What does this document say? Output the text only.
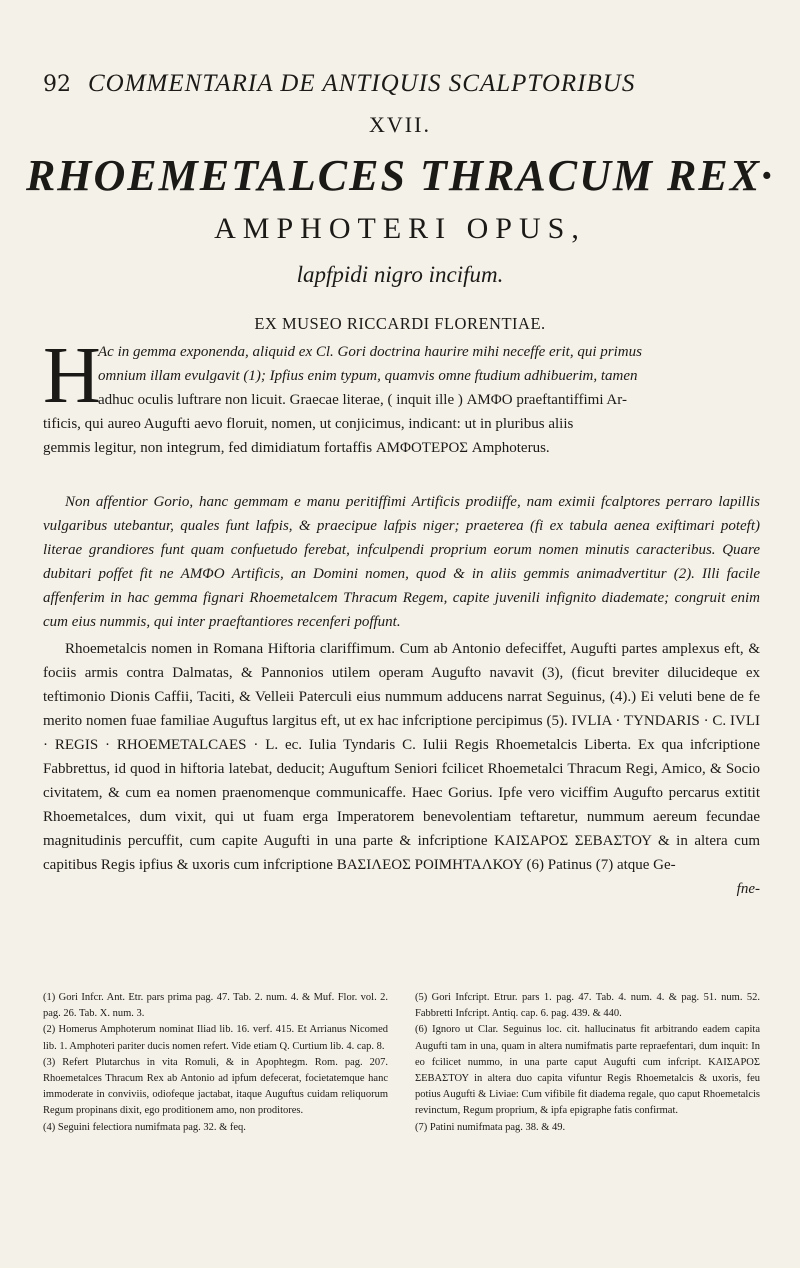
92 COMMENTARIA DE ANTIQUIS SCALPTORIBUS
XVII.
RHOEMETALCES THRACUM REX·
AMPHOTERI OPUS,
lapfpidi nigro incifum.
EX MUSEO RICCARDI FLORENTIAE.
H
Ac in gemma exponenda, aliquid ex Cl. Gori doctrina haurire mihi neceffe erit, qui primus
omnium illam evulgavit (1); Ipfius enim typum, quamvis omne ftudium adhibuerim, tamen
adhuc oculis luftrare non licuit. Graecae literae, ( inquit ille ) ΑΜΦΟ praeftantiffimi Ar-
tificis, qui aureo Augufti aevo floruit, nomen, ut conjicimus, indicant: ut in pluribus aliis
gemmis legitur, non integrum, fed dimidiatum fortaffis ΑΜΦΟΤΕΡΟΣ Amphoterus.

Non affentior Gorio, hanc gemmam e manu peritiffimi Artificis prodiiffe, nam eximii fcalptores perraro lapillis vulgaribus utebantur, quales funt lafpis, & praecipue lafpis niger; praeterea (fi ex tabula aenea exiftimari poteft) literae grandiores funt quam confuetudo ferebat, infculpendi proprium eorum nomen minutis caracteribus. Quare dubitari poffet fit ne ΑΜΦΟ Artificis, an Domini nomen, quod & in aliis gemmis animadvertitur (2). Illi facile affenferim in hac gemma fignari Rhoemetalcem Thracum Regem, capite juvenili infignito diademate; congruit enim cum eius nummis, qui inter praeftantiores recenferi poffunt.

Rhoemetalcis nomen in Romana Hiftoria clariffimum. Cum ab Antonio defeciffet, Augufti partes amplexus eft, & fociis armis contra Dalmatas, & Pannonios utilem operam Augufto navavit (3), (ficut breviter dilucideque ex teftimonio Dionis Caffii, Taciti, & Velleii Paterculi eius nummum adducens narrat Seguinus, (4).) Ei veluti bene de fe merito nomen fuae familiae Auguftus largitus eft, ut ex hac infcriptione percipimus (5). IVLIA · TYNDARIS · C. IVLI · REGIS · RHOEMETALCAES · L. ec. Iulia Tyndaris C. Iulii Regis Rhoemetalcis Liberta. Ex qua infcriptione Fabbrettus, id quod in hiftoria latebat, deducit; Auguftum Seniori fcilicet Rhoemetalci Thracum Regi, Amico, & Socio civitatem, & cum ea nomen praenomenque communicaffe. Haec Gorius. Ipfe vero viciffim Augufto percarus extitit Rhoemetalces, dum vixit, qui ut fuam erga Imperatorem benevolentiam teftaretur, nummum aereum fecundae magnitudinis percuffit, cum capite Augufti in una parte & infcriptione ΚΑΙΣΑΡΟΣ ΣΕΒΑΣΤΟΥ & in altera cum capitibus Regis ipfius & uxoris cum infcriptione ΒΑΣΙΛΕΟΣ ΡΟΙΜΗΤΑΛΚΟΥ (6) Patinus (7) atque Ge-

fne-
(1) Gori Infcr. Ant. Etr. pars prima pag. 47. Tab. 2. num. 4. & Muf. Flor. vol. 2. pag. 26. Tab. X. num. 3.
(2) Homerus Amphoterum nominat Iliad lib. 16. verf. 415. Et Arrianus Nicomed lib. 1. Amphoteri pariter ducis nomen refert. Vide etiam Q. Curtium lib. 4. cap. 8.
(3) Refert Plutarchus in vita Romuli, & in Apophtegm. Rom. pag. 207. Rhoemetalces Thracum Rex ab Antonio ad ipfum defecerat, focietatemque hanc immoderate in conviviis, odiofeque jactabat, itaque Auguftus cuidam reliquorum Regum propinans dixit, ego proditionem amo, non proditores.
(4) Seguini felectiora numifmata pag. 32. & feq.
(5) Gori Infcript. Etrur. pars 1. pag. 47. Tab. 4. num. 4. & pag. 51. num. 52. Fabbretti Infcript. Antiq. cap. 6. pag. 439. & 440.
(6) Ignoro ut Clar. Seguinus loc. cit. hallucinatus fit arbitrando eadem capita Augufti tam in una, quam in altera numifmatis parte repraefentari, dum inquit: In eo fcilicet nummo, in una parte caput Augufti cum infcript. ΚΑΙΣΑΡΟΣ ΣΕΒΑΣΤΟΥ in altera duo capita vifuntur Regis Rhoemetalcis & uxoris, feu potius Augufti & Liviae: Cum vifibile fit diadema regale, quo caput Rhoemetalcis revinctum, Regum proprium, & ipfa epigraphe fatis confirmat.
(7) Patini numifmata pag. 38. & 49.
